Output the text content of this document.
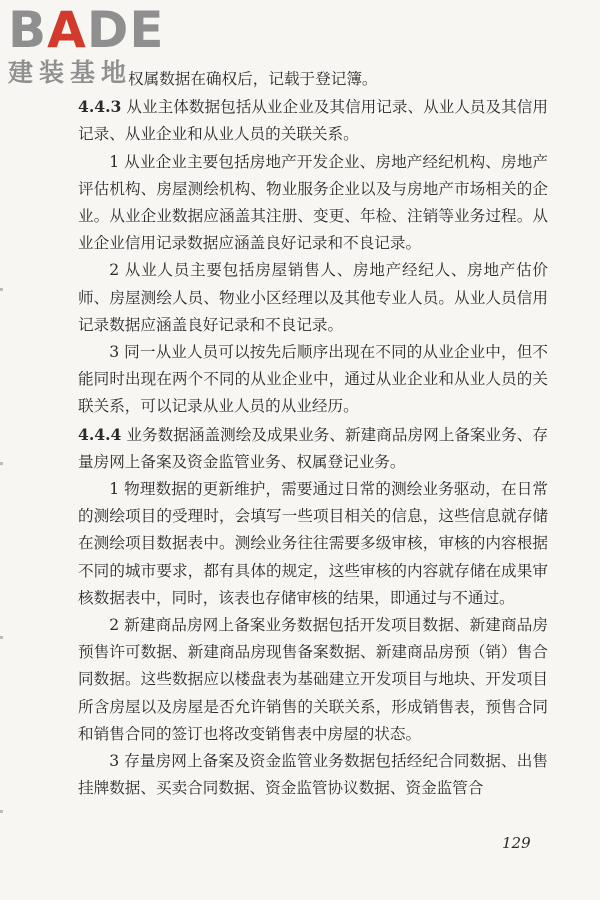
BADE
建装基地

权属数据在确权后，记载于登记簿。

4.4.3 从业主体数据包括从业企业及其信用记录、从业人员及其信用记录、从业企业和从业人员的关联关系。

1 从业企业主要包括房地产开发企业、房地产经纪机构、房地产评估机构、房屋测绘机构、物业服务企业以及与房地产市场相关的企业。从业企业数据应涵盖其注册、变更、年检、注销等业务过程。从业企业信用记录数据应涵盖良好记录和不良记录。

2 从业人员主要包括房屋销售人、房地产经纪人、房地产估价师、房屋测绘人员、物业小区经理以及其他专业人员。从业人员信用记录数据应涵盖良好记录和不良记录。

3 同一从业人员可以按先后顺序出现在不同的从业企业中，但不能同时出现在两个不同的从业企业中，通过从业企业和从业人员的关联关系，可以记录从业人员的从业经历。

4.4.4 业务数据涵盖测绘及成果业务、新建商品房网上备案业务、存量房网上备案及资金监管业务、权属登记业务。

1 物理数据的更新维护，需要通过日常的测绘业务驱动，在日常的测绘项目的受理时，会填写一些项目相关的信息，这些信息就存储在测绘项目数据表中。测绘业务往往需要多级审核，审核的内容根据不同的城市要求，都有具体的规定，这些审核的内容就存储在成果审核数据表中，同时，该表也存储审核的结果，即通过与不通过。

2 新建商品房网上备案业务数据包括开发项目数据、新建商品房预售许可数据、新建商品房现售备案数据、新建商品房预（销）售合同数据。这些数据应以楼盘表为基础建立开发项目与地块、开发项目所含房屋以及房屋是否允许销售的关联关系，形成销售表，预售合同和销售合同的签订也将改变销售表中房屋的状态。

3 存量房网上备案及资金监管业务数据包括经纪合同数据、出售挂牌数据、买卖合同数据、资金监管协议数据、资金监管合

129
